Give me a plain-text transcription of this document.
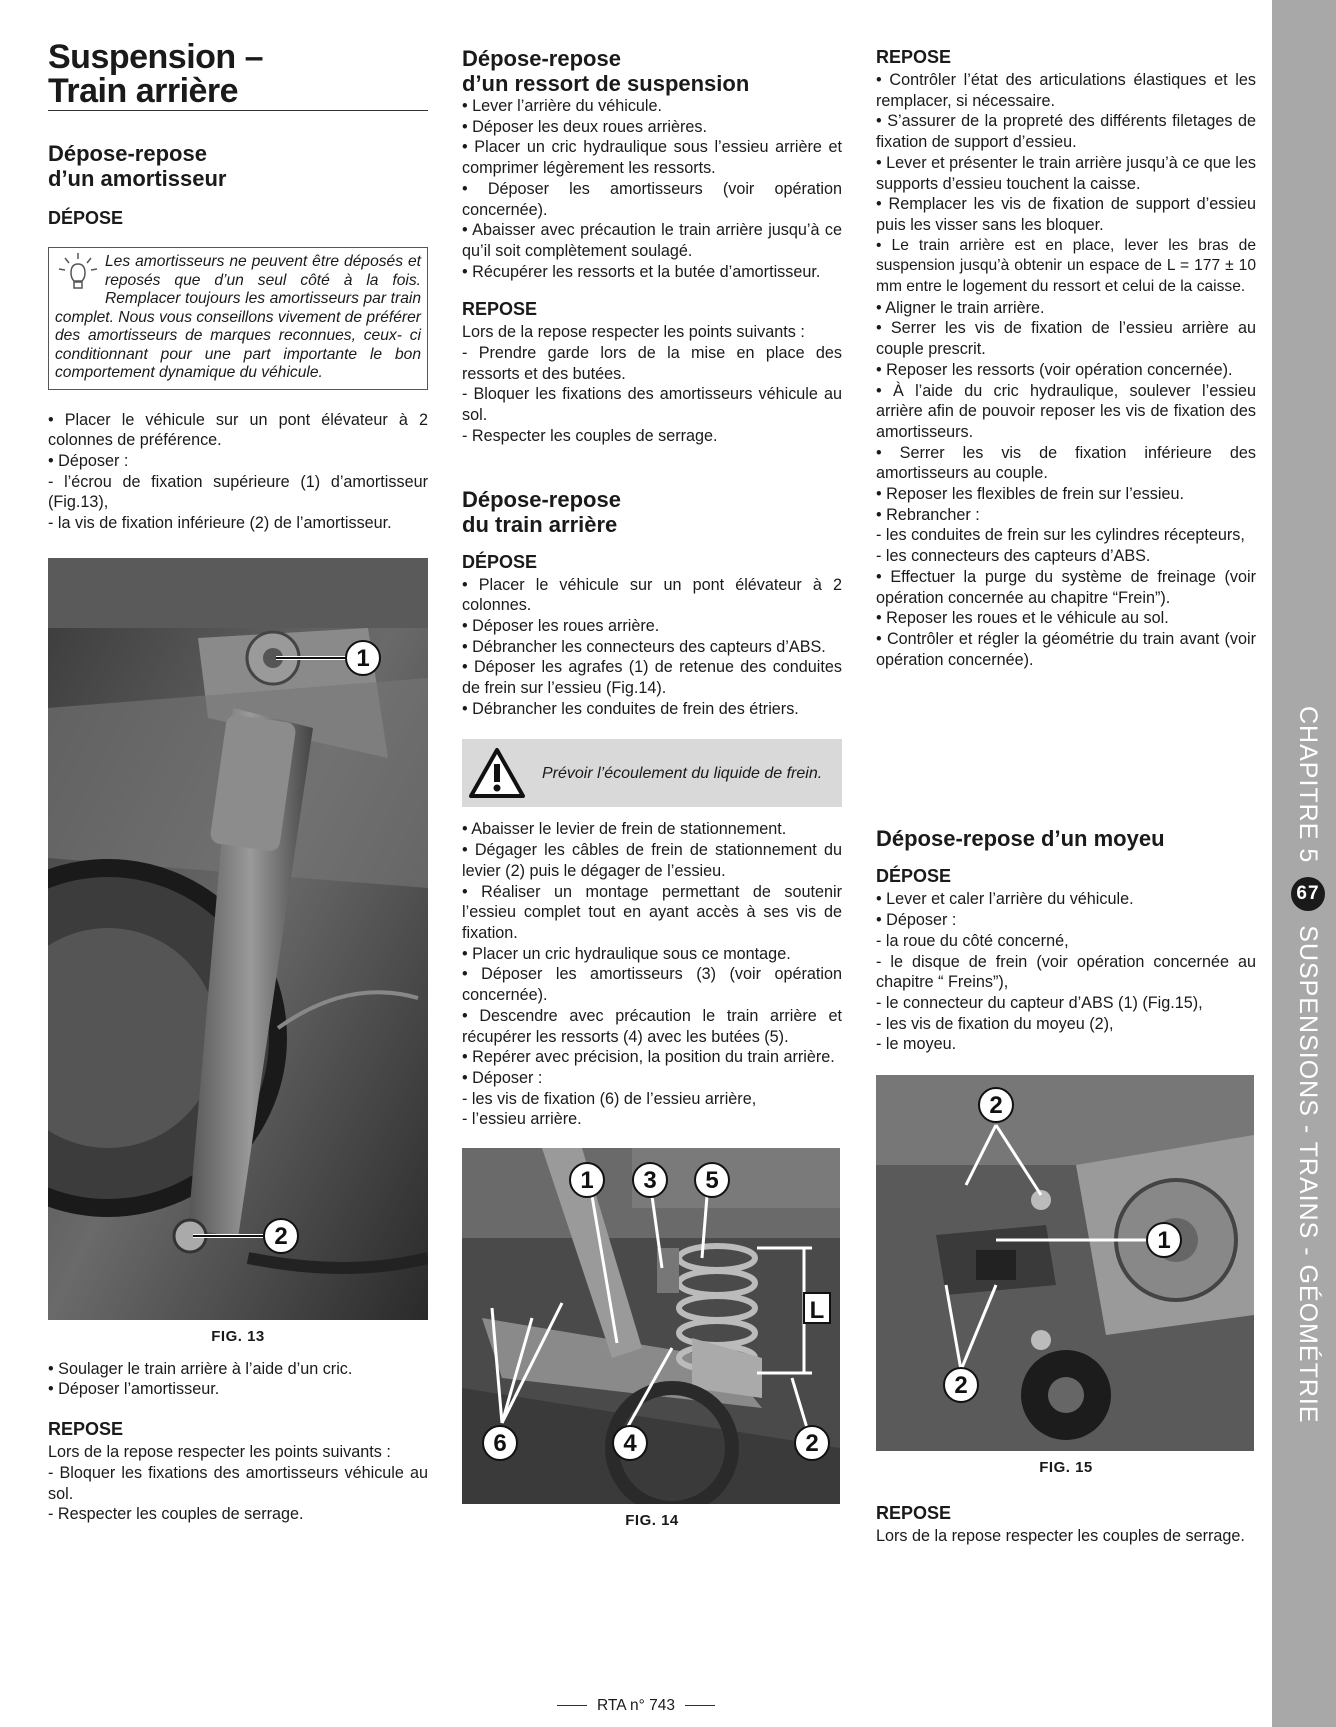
Suspension –
Train arrière
Dépose-repose
d’un amortisseur
DÉPOSE
Les amortisseurs ne peuvent être déposés et reposés que d’un seul côté à la fois. Remplacer toujours les amortisseurs par train complet. Nous vous conseillons vivement de préférer des amortisseurs de marques reconnues, ceux- ci conditionnant pour une part importante le bon comportement dynamique du véhicule.
• Placer le véhicule sur un pont élévateur à 2 colonnes de préférence.
• Déposer :
- l’écrou de fixation supérieure (1) d’amortisseur (Fig.13),
- la vis de fixation inférieure (2) de l’amortisseur.
1
2
FIG. 13
• Soulager le train arrière à l’aide d’un cric.
• Déposer l’amortisseur.
REPOSE
Lors de la repose respecter les points suivants :
- Bloquer les fixations des amortisseurs véhicule au sol.
- Respecter les couples de serrage.
Dépose-repose
d’un ressort de suspension
• Lever l’arrière du véhicule.
• Déposer les deux roues arrières.
• Placer un cric hydraulique sous l’essieu arrière et comprimer légèrement les ressorts.
• Déposer les amortisseurs (voir opération concernée).
• Abaisser avec précaution le train arrière jusqu’à ce qu’il soit complètement soulagé.
• Récupérer les ressorts et la butée d’amortisseur.
REPOSE
Lors de la repose respecter les points suivants :
- Prendre garde lors de la mise en place des ressorts et des butées.
- Bloquer les fixations des amortisseurs véhicule au sol.
- Respecter les couples de serrage.
Dépose-repose
du train arrière
DÉPOSE
• Placer le véhicule sur un pont élévateur à 2 colonnes.
• Déposer les roues arrière.
• Débrancher les connecteurs des capteurs d’ABS.
• Déposer les agrafes (1) de retenue des conduites de frein sur l’essieu (Fig.14).
• Débrancher les conduites de frein des étriers.
Prévoir l’écoulement du liquide de frein.
• Abaisser le levier de frein de stationnement.
• Dégager les câbles de frein de stationnement du levier (2) puis le dégager de l’essieu.
• Réaliser un montage permettant de soutenir l’essieu complet tout en ayant accès à ses vis de fixation.
• Placer un cric hydraulique sous ce montage.
• Déposer les amortisseurs (3) (voir opération concernée).
• Descendre avec précaution le train arrière et récupérer les ressorts (4) avec les butées (5).
• Repérer avec précision, la position du train arrière.
• Déposer :
- les vis de fixation (6) de l’essieu arrière,
- l’essieu arrière.
1 3 5
L
6	4	2
FIG. 14
REPOSE
• Contrôler l’état des articulations élastiques et les remplacer, si nécessaire.
• S’assurer de la propreté des différents filetages de fixation de support d’essieu.
• Lever et présenter le train arrière jusqu’à ce que les supports d’essieu touchent la caisse.
• Remplacer les vis de fixation de support d’essieu puis les visser sans les bloquer.
• Le train arrière est en place, lever les bras de suspension jusqu’à obtenir un espace de L = 177 ± 10 mm entre le logement du ressort et celui de la caisse.
• Aligner le train arrière.
• Serrer les vis de fixation de l’essieu arrière au couple prescrit.
• Reposer les ressorts (voir opération concernée).
• À l’aide du cric hydraulique, soulever l’essieu arrière afin de pouvoir reposer les vis de fixation des amortisseurs.
• Serrer les vis de fixation inférieure des amortisseurs au couple.
• Reposer les flexibles de frein sur l’essieu.
• Rebrancher :
- les conduites de frein sur les cylindres récepteurs,
- les connecteurs des capteurs d’ABS.
• Effectuer la purge du système de freinage (voir opération concernée au chapitre “Frein”).
• Reposer les roues et le véhicule au sol.
• Contrôler et régler la géométrie du train avant (voir opération concernée).
Dépose-repose d’un moyeu
DÉPOSE
• Lever et caler l’arrière du véhicule.
• Déposer :
- la roue du côté concerné,
- le disque de frein (voir opération concernée au chapitre “ Freins”),
- le connecteur du capteur d’ABS (1) (Fig.15),
- les vis de fixation du moyeu (2),
- le moyeu.
2
1
2
FIG. 15
REPOSE
Lors de la repose respecter les couples de serrage.
CHAPITRE 5
67
SUSPENSIONS - TRAINS - GÉOMÉTRIE
RTA n° 743
